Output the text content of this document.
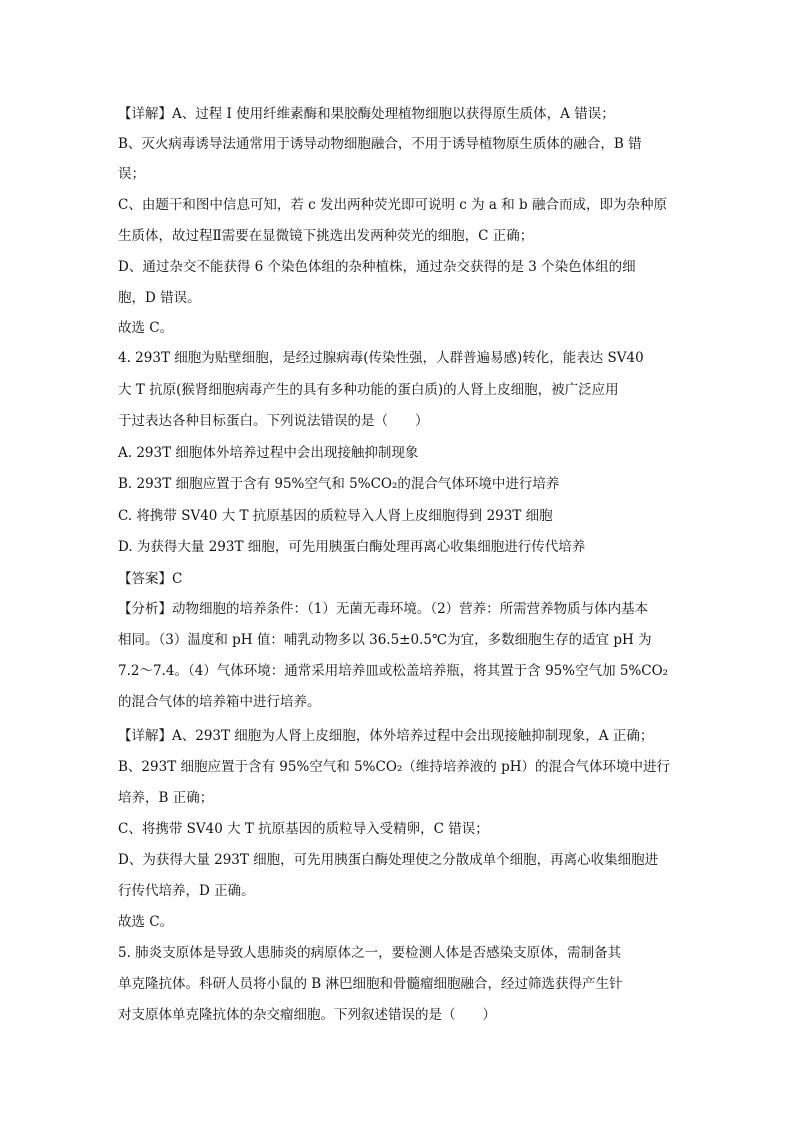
【详解】A、过程 I 使用纤维素酶和果胶酶处理植物细胞以获得原生质体，A 错误；
B、灭火病毒诱导法通常用于诱导动物细胞融合，不用于诱导植物原生质体的融合，B 错
误；
C、由题干和图中信息可知，若 c 发出两种荧光即可说明 c 为 a 和 b 融合而成，即为杂种原
生质体，故过程Ⅱ需要在显微镜下挑选出发两种荧光的细胞，C 正确；
D、通过杂交不能获得 6 个染色体组的杂种植株，通过杂交获得的是 3 个染色体组的细
胞，D 错误。
故选 C。
4. 293T 细胞为贴壁细胞，是经过腺病毒(传染性强，人群普遍易感)转化，能表达 SV40
大 T 抗原(猴肾细胞病毒产生的具有多种功能的蛋白质)的人肾上皮细胞，被广泛应用
于过表达各种目标蛋白。下列说法错误的是（　　）
A. 293T 细胞体外培养过程中会出现接触抑制现象
B. 293T 细胞应置于含有 95%空气和 5%CO₂的混合气体环境中进行培养
C. 将携带 SV40 大 T 抗原基因的质粒导入人肾上皮细胞得到 293T 细胞
D. 为获得大量 293T 细胞，可先用胰蛋白酶处理再离心收集细胞进行传代培养
【答案】C
【分析】动物细胞的培养条件：（1）无菌无毒环境。（2）营养：所需营养物质与体内基本
相同。（3）温度和 pH 值：哺乳动物多以 36.5±0.5℃为宜，多数细胞生存的适宜 pH 为
7.2～7.4。（4）气体环境：通常采用培养皿或松盖培养瓶，将其置于含 95%空气加 5%CO₂
的混合气体的培养箱中进行培养。
【详解】A、293T 细胞为人肾上皮细胞，体外培养过程中会出现接触抑制现象，A 正确；
B、293T 细胞应置于含有 95%空气和 5%CO₂（维持培养液的 pH）的混合气体环境中进行
培养，B 正确；
C、将携带 SV40 大 T 抗原基因的质粒导入受精卵，C 错误；
D、为获得大量 293T 细胞，可先用胰蛋白酶处理使之分散成单个细胞，再离心收集细胞进
行传代培养，D 正确。
故选 C。
5. 肺炎支原体是导致人患肺炎的病原体之一，要检测人体是否感染支原体，需制备其
单克隆抗体。科研人员将小鼠的 B 淋巴细胞和骨髓瘤细胞融合，经过筛选获得产生针
对支原体单克隆抗体的杂交瘤细胞。下列叙述错误的是（　　）
